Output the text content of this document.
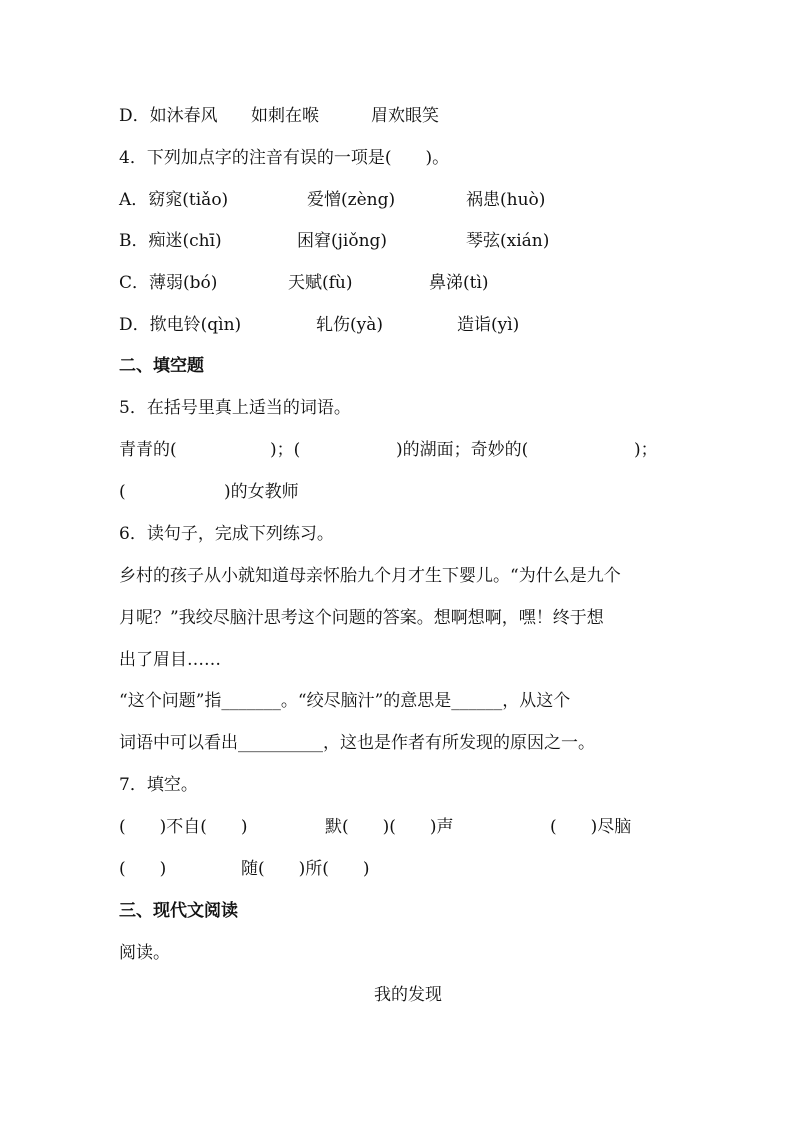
D．如沐春风 如刺在喉	眉欢眼笑
4．下列加点字的注音有误的一项是(　　)。
A．窈窕(tiǎo)	爱憎(zèng)	祸患(huò)
B．痴迷(chī)	困窘(jiǒng)	琴弦(xián)
C．薄弱(bó)	天赋(fù)	鼻涕(tì)
D．揿电铃(qìn)	轧伤(yà)	造诣(yì)
二、填空题
5．在括号里真上适当的词语。
青青的(	)；(	)的湖面；奇妙的(	)；
(	)的女教师
6．读句子，完成下列练习。
乡村的孩子从小就知道母亲怀胎九个月才生下婴儿。“为什么是九个
月呢？”我绞尽脑汁思考这个问题的答案。想啊想啊，嘿！终于想
出了眉目……
“这个问题”指_______。“绞尽脑汁”的意思是______，从这个
词语中可以看出__________，这也是作者有所发现的原因之一。
7．填空。
(　　)不自(　　)	默(　　)(　　)声	(　　)尽脑
(　　)	随(　　)所(　　)
三、现代文阅读
阅读。
我的发现
